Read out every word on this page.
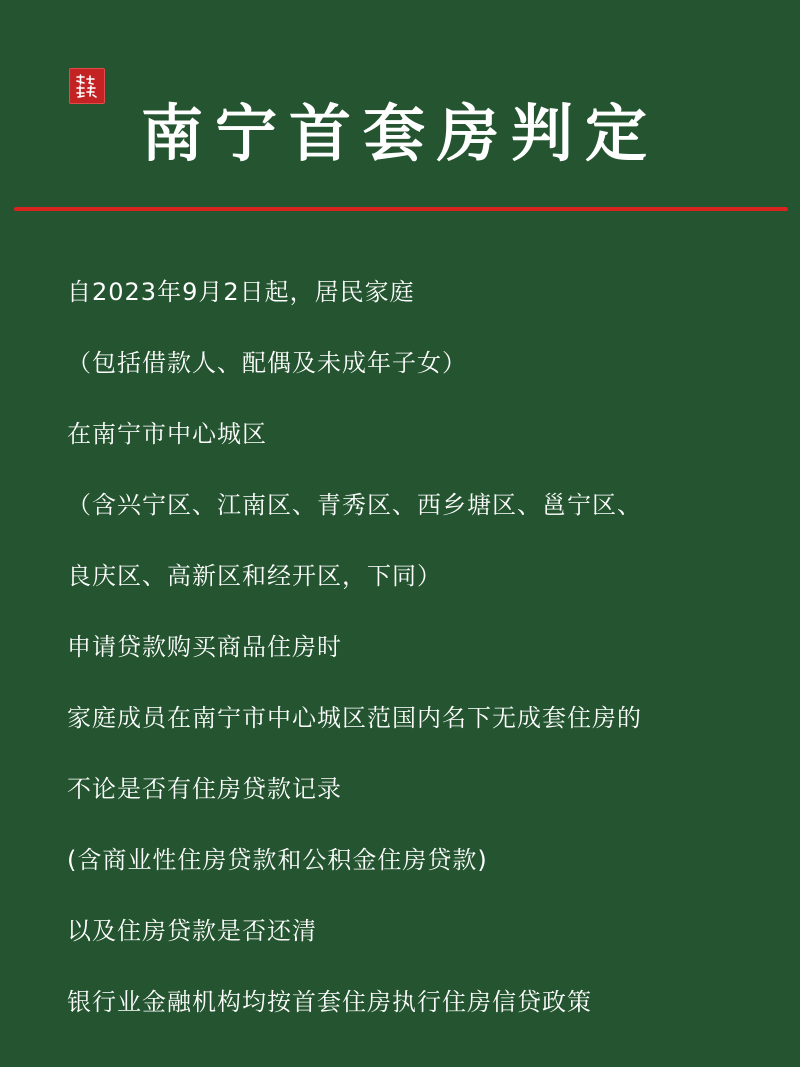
南宁首套房判定
自2023年9月2日起，居民家庭
（包括借款人、配偶及未成年子女）
在南宁市中心城区
（含兴宁区、江南区、青秀区、西乡塘区、邕宁区、
良庆区、高新区和经开区，下同）
申请贷款购买商品住房时
家庭成员在南宁市中心城区范国内名下无成套住房的
不论是否有住房贷款记录
(含商业性住房贷款和公积金住房贷款)
以及住房贷款是否还清
银行业金融机构均按首套住房执行住房信贷政策
